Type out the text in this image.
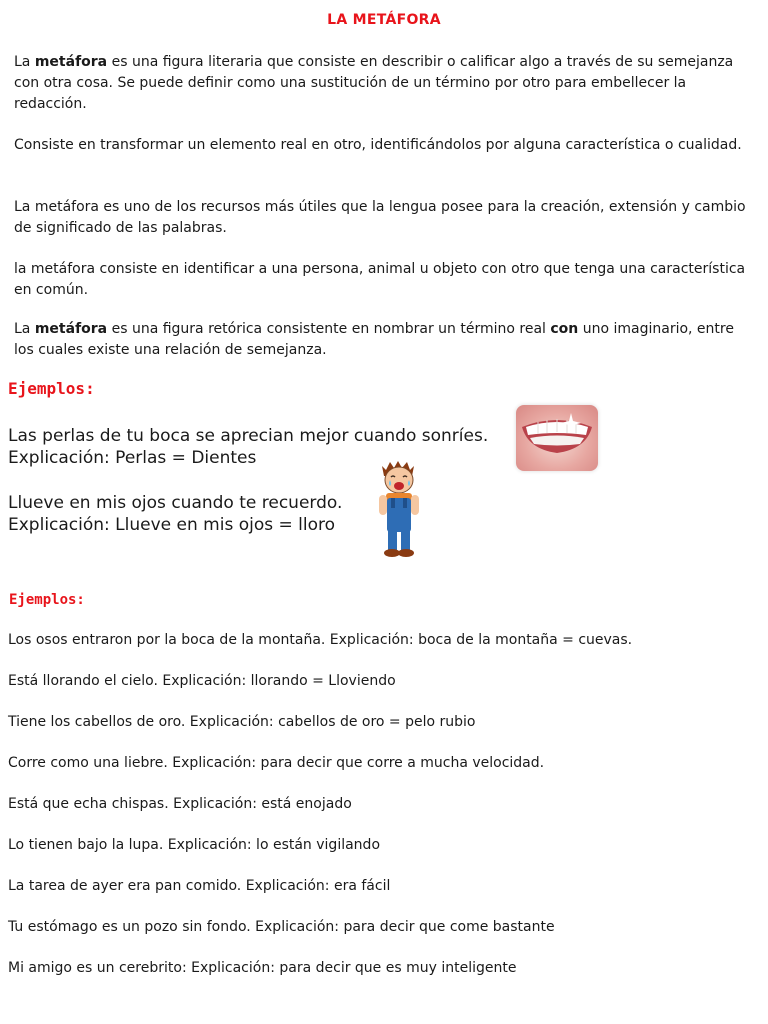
LA METÁFORA

La metáfora es una figura literaria que consiste en describir o calificar algo a través de su semejanza con otra cosa. Se puede definir como una sustitución de un término por otro para embellecer la redacción.

Consiste en transformar un elemento real en otro, identificándolos por alguna característica o cualidad.

La metáfora es uno de los recursos más útiles que la lengua posee para la creación, extensión y cambio de significado de las palabras.

la metáfora consiste en identificar a una persona, animal u objeto con otro que tenga una característica en común.

La metáfora es una figura retórica consistente en nombrar un término real con uno imaginario, entre los cuales existe una relación de semejanza.

Ejemplos:

Las perlas de tu boca se aprecian mejor cuando sonríes.
Explicación: Perlas = Dientes

Llueve en mis ojos cuando te recuerdo.
Explicación: Llueve en mis ojos = lloro

Ejemplos:

Los osos entraron por la boca de la montaña. Explicación: boca de la montaña = cuevas.

Está llorando el cielo. Explicación: llorando = Lloviendo

Tiene los cabellos de oro. Explicación: cabellos de oro = pelo rubio

Corre como una liebre. Explicación: para decir que corre a mucha velocidad.

Está que echa chispas. Explicación: está enojado

Lo tienen bajo la lupa. Explicación: lo están vigilando

La tarea de ayer era pan comido. Explicación: era fácil

Tu estómago es un pozo sin fondo. Explicación: para decir que come bastante

Mi amigo es un cerebrito: Explicación: para decir que es muy inteligente
